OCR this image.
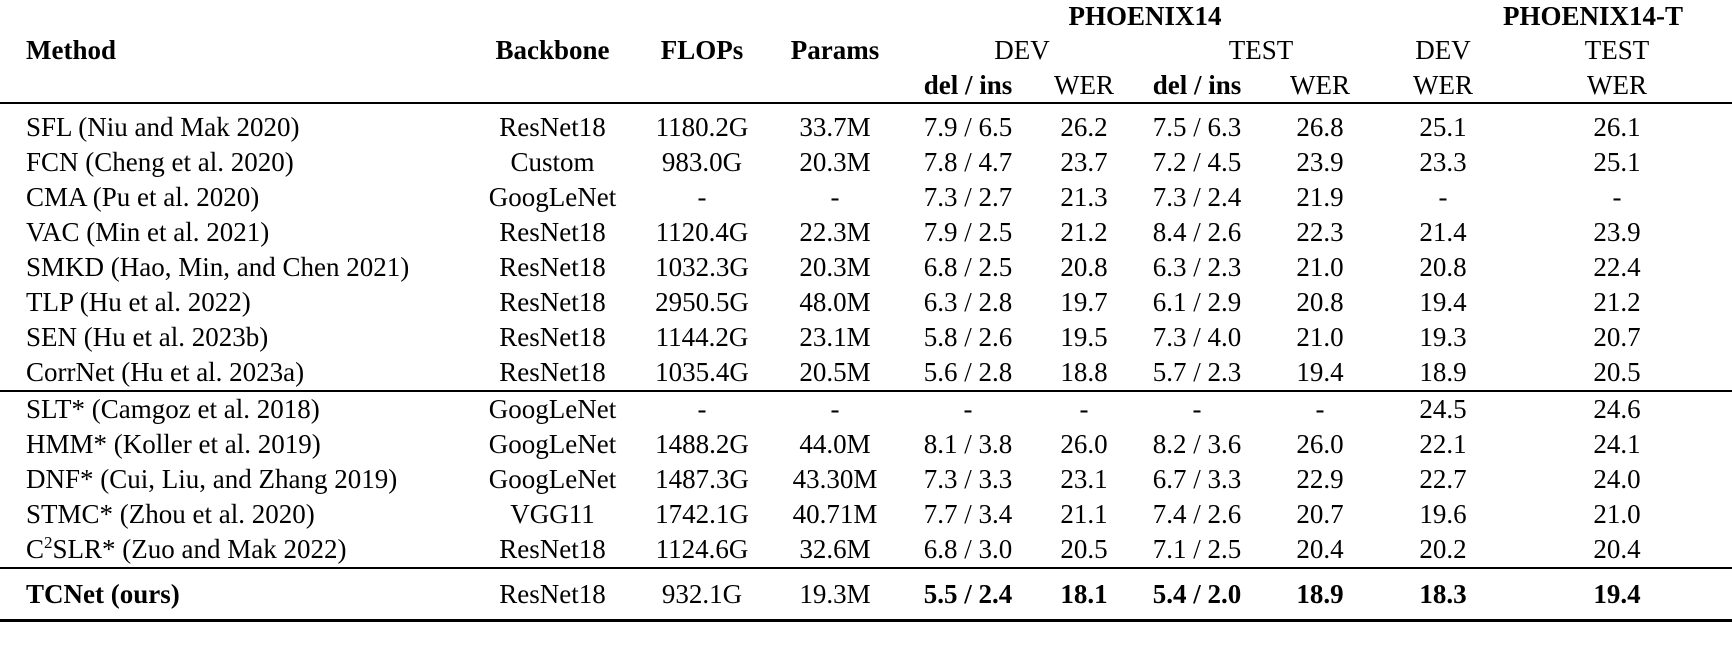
				PHOENIX14				PHOENIX14-T	
Method	Backbone	FLOPs	Params	DEV		TEST		DEV	TEST
				del / ins	WER	del / ins	WER	WER	WER
SFL (Niu and Mak 2020)	ResNet18	1180.2G	33.7M	7.9 / 6.5	26.2	7.5 / 6.3	26.8	25.1	26.1
FCN (Cheng et al. 2020)	Custom	983.0G	20.3M	7.8 / 4.7	23.7	7.2 / 4.5	23.9	23.3	25.1
CMA (Pu et al. 2020)	GoogLeNet	-	-	7.3 / 2.7	21.3	7.3 / 2.4	21.9	-	-
VAC (Min et al. 2021)	ResNet18	1120.4G	22.3M	7.9 / 2.5	21.2	8.4 / 2.6	22.3	21.4	23.9
SMKD (Hao, Min, and Chen 2021)	ResNet18	1032.3G	20.3M	6.8 / 2.5	20.8	6.3 / 2.3	21.0	20.8	22.4
TLP (Hu et al. 2022)	ResNet18	2950.5G	48.0M	6.3 / 2.8	19.7	6.1 / 2.9	20.8	19.4	21.2
SEN (Hu et al. 2023b)	ResNet18	1144.2G	23.1M	5.8 / 2.6	19.5	7.3 / 4.0	21.0	19.3	20.7
CorrNet (Hu et al. 2023a)	ResNet18	1035.4G	20.5M	5.6 / 2.8	18.8	5.7 / 2.3	19.4	18.9	20.5
SLT* (Camgoz et al. 2018)	GoogLeNet	-	-	-	-	-	-	24.5	24.6
HMM* (Koller et al. 2019)	GoogLeNet	1488.2G	44.0M	8.1 / 3.8	26.0	8.2 / 3.6	26.0	22.1	24.1
DNF* (Cui, Liu, and Zhang 2019)	GoogLeNet	1487.3G	43.30M	7.3 / 3.3	23.1	6.7 / 3.3	22.9	22.7	24.0
STMC* (Zhou et al. 2020)	VGG11	1742.1G	40.71M	7.7 / 3.4	21.1	7.4 / 2.6	20.7	19.6	21.0
$C^2SLR*$ (Zuo and Mak 2022)	ResNet18	1124.6G	32.6M	6.8 / 3.0	20.5	7.1 / 2.5	20.4	20.2	20.4
TCNet (ours)	ResNet18	932.1G	19.3M	5.5 / 2.4	18.1	5.4 / 2.0	18.9	18.3	19.4
